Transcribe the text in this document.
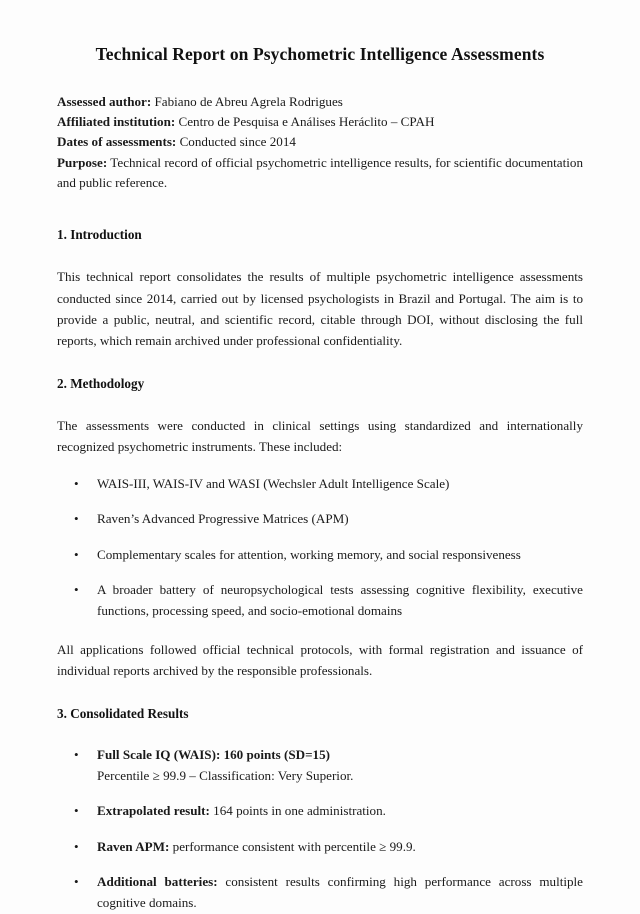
Technical Report on Psychometric Intelligence Assessments

Assessed author: Fabiano de Abreu Agrela Rodrigues

Affiliated institution: Centro de Pesquisa e Análises Heráclito – CPAH

Dates of assessments: Conducted since 2014

Purpose: Technical record of official psychometric intelligence results, for scientific documentation and public reference.

1. Introduction

This technical report consolidates the results of multiple psychometric intelligence assessments conducted since 2014, carried out by licensed psychologists in Brazil and Portugal. The aim is to provide a public, neutral, and scientific record, citable through DOI, without disclosing the full reports, which remain archived under professional confidentiality.

2. Methodology

The assessments were conducted in clinical settings using standardized and internationally recognized psychometric instruments. These included:

• WAIS-III, WAIS-IV and WASI (Wechsler Adult Intelligence Scale)
• Raven’s Advanced Progressive Matrices (APM)
• Complementary scales for attention, working memory, and social responsiveness
• A broader battery of neuropsychological tests assessing cognitive flexibility, executive functions, processing speed, and socio-emotional domains

All applications followed official technical protocols, with formal registration and issuance of individual reports archived by the responsible professionals.

3. Consolidated Results
• Full Scale IQ (WAIS): 160 points (SD=15)
Percentile ≥ 99.9 – Classification: Very Superior.
• Extrapolated result: 164 points in one administration.
• Raven APM: performance consistent with percentile ≥ 99.9.
• Additional batteries: consistent results confirming high performance across multiple cognitive domains.
